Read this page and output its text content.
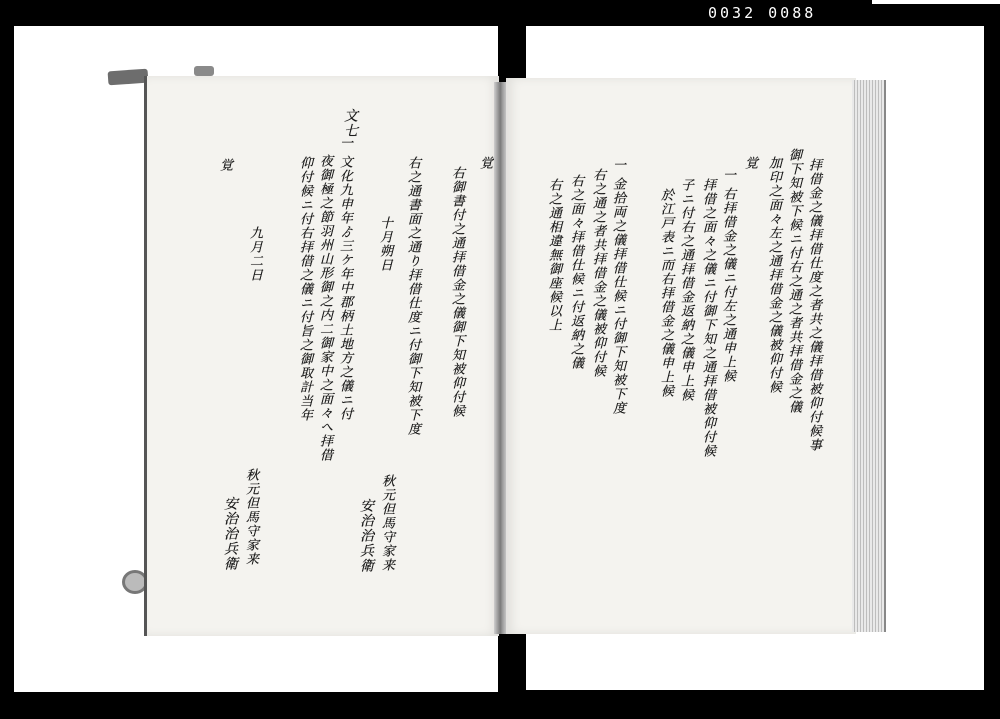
0032 0088
一 文化九申年ゟ三ケ年中郡柄土地方之儀ニ付
夜御極之節羽州山形御之内二御家中之面々へ拝借
仰付候ニ付右拝借之儀ニ付旨之御取計当年
九月二日
覚	右之通書面之通り拝借仕度ニ付御下知被下度
十月朔日
覚
右御書付之通拝借金之儀御下知被仰付候
秋元但馬守家来
安治治兵衛
秋元但馬守家来
安治治兵衛
文七
拝借金之儀拝借仕度之者共之儀拝借被仰付候事
御下知被下候ニ付右之通之者共拝借金之儀
加印之面々左之通拝借金之儀被仰付候
覚
一 右拝借金之儀ニ付左之通申上候
拝借之面々之儀ニ付御下知之通拝借被仰付候
子ニ付右之通拝借金返納之儀申上候
於江戸表ニ而右拝借金之儀申上候
一 金拾両之儀拝借仕候ニ付御下知被下度
右之通之者共拝借金之儀被仰付候
右之面々拝借仕候ニ付返納之儀
右之通相違無御座候以上
